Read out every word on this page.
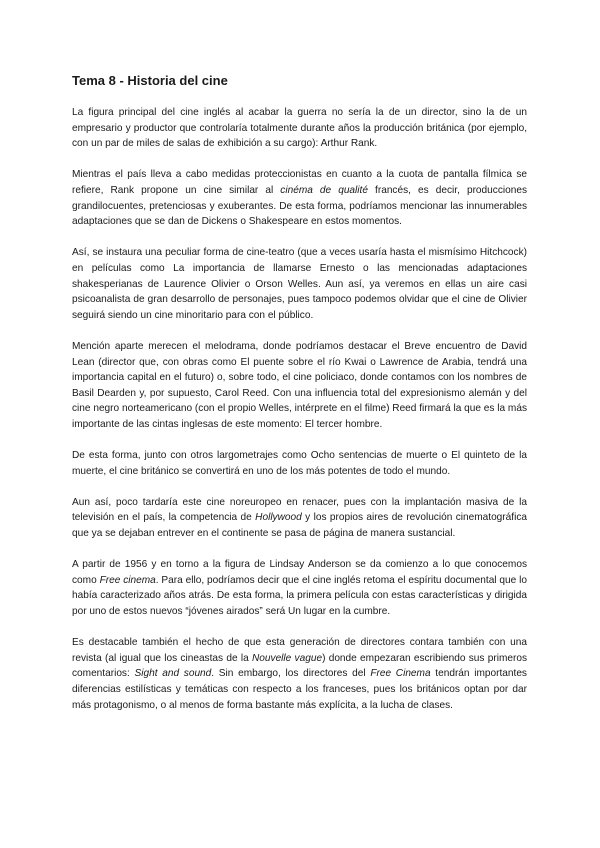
Tema 8 - Historia del cine

La figura principal del cine inglés al acabar la guerra no sería la de un director, sino la de un empresario y productor que controlaría totalmente durante años la producción británica (por ejemplo, con un par de miles de salas de exhibición a su cargo): Arthur Rank.

Mientras el país lleva a cabo medidas proteccionistas en cuanto a la cuota de pantalla fílmica se refiere, Rank propone un cine similar al cinéma de qualité francés, es decir, producciones grandilocuentes, pretenciosas y exuberantes. De esta forma, podríamos mencionar las innumerables adaptaciones que se dan de Dickens o Shakespeare en estos momentos.

Así, se instaura una peculiar forma de cine-teatro (que a veces usaría hasta el mismísimo Hitchcock) en películas como La importancia de llamarse Ernesto o las mencionadas adaptaciones shakesperianas de Laurence Olivier o Orson Welles. Aun así, ya veremos en ellas un aire casi psicoanalista de gran desarrollo de personajes, pues tampoco podemos olvidar que el cine de Olivier seguirá siendo un cine minoritario para con el público.

Mención aparte merecen el melodrama, donde podríamos destacar el Breve encuentro de David Lean (director que, con obras como El puente sobre el río Kwai o Lawrence de Arabia, tendrá una importancia capital en el futuro) o, sobre todo, el cine policiaco, donde contamos con los nombres de Basil Dearden y, por supuesto, Carol Reed. Con una influencia total del expresionismo alemán y del cine negro norteamericano (con el propio Welles, intérprete en el filme) Reed firmará la que es la más importante de las cintas inglesas de este momento: El tercer hombre.

De esta forma, junto con otros largometrajes como Ocho sentencias de muerte o El quinteto de la muerte, el cine británico se convertirá en uno de los más potentes de todo el mundo.

Aun así, poco tardaría este cine noreuropeo en renacer, pues con la implantación masiva de la televisión en el país, la competencia de Hollywood y los propios aires de revolución cinematográfica que ya se dejaban entrever en el continente se pasa de página de manera sustancial.

A partir de 1956 y en torno a la figura de Lindsay Anderson se da comienzo a lo que conocemos como Free cinema. Para ello, podríamos decir que el cine inglés retoma el espíritu documental que lo había caracterizado años atrás. De esta forma, la primera película con estas características y dirigida por uno de estos nuevos “jóvenes airados” será Un lugar en la cumbre.

Es destacable también el hecho de que esta generación de directores contara también con una revista (al igual que los cineastas de la Nouvelle vague) donde empezaran escribiendo sus primeros comentarios: Sight and sound. Sin embargo, los directores del Free Cinema tendrán importantes diferencias estilísticas y temáticas con respecto a los franceses, pues los británicos optan por dar más protagonismo, o al menos de forma bastante más explícita, a la lucha de clases.
